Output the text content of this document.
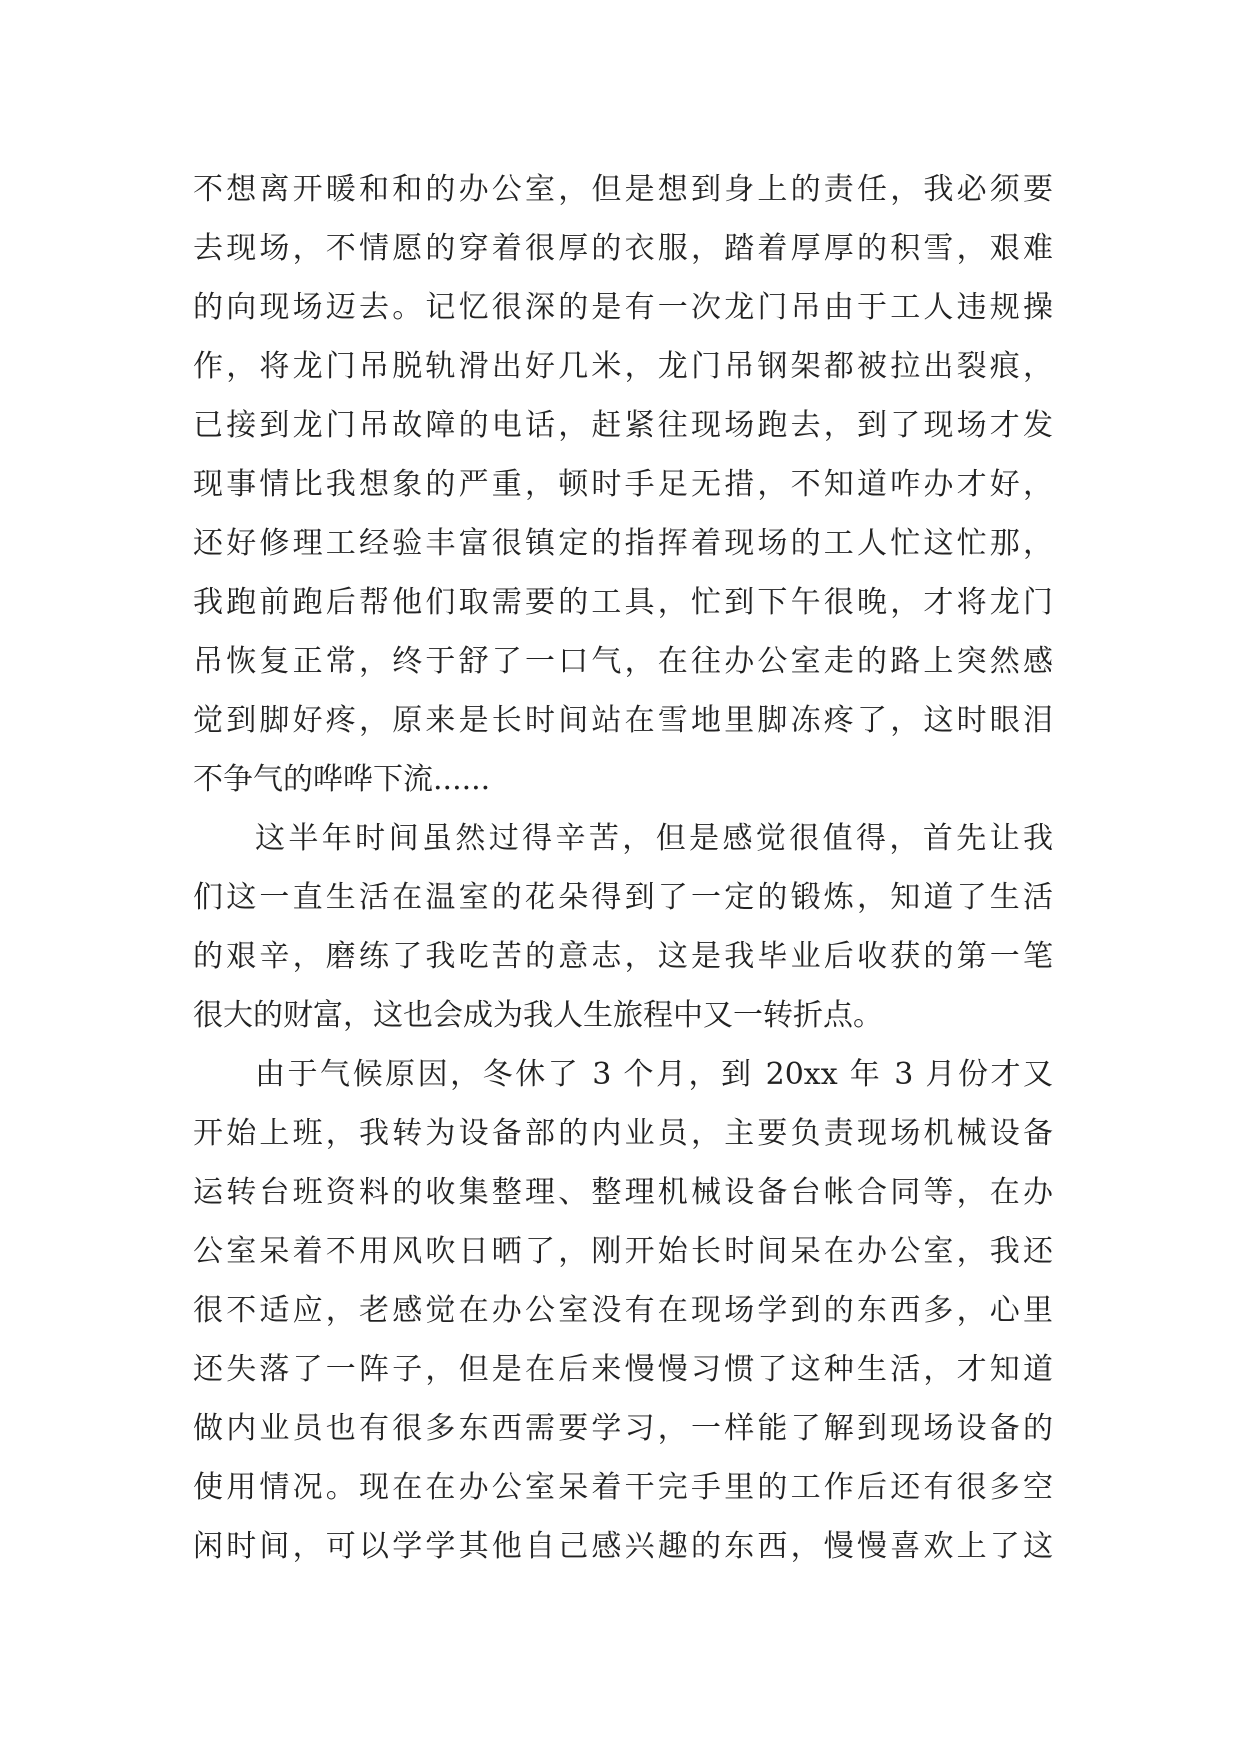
不想离开暖和和的办公室，但是想到身上的责任，我必须要
去现场，不情愿的穿着很厚的衣服，踏着厚厚的积雪，艰难
的向现场迈去。记忆很深的是有一次龙门吊由于工人违规操
作，将龙门吊脱轨滑出好几米，龙门吊钢架都被拉出裂痕，
已接到龙门吊故障的电话，赶紧往现场跑去，到了现场才发
现事情比我想象的严重，顿时手足无措，不知道咋办才好，
还好修理工经验丰富很镇定的指挥着现场的工人忙这忙那，
我跑前跑后帮他们取需要的工具，忙到下午很晚，才将龙门
吊恢复正常，终于舒了一口气，在往办公室走的路上突然感
觉到脚好疼，原来是长时间站在雪地里脚冻疼了，这时眼泪
不争气的哗哗下流......
这半年时间虽然过得辛苦，但是感觉很值得，首先让我
们这一直生活在温室的花朵得到了一定的锻炼，知道了生活
的艰辛，磨练了我吃苦的意志，这是我毕业后收获的第一笔
很大的财富，这也会成为我人生旅程中又一转折点。
由于气候原因，冬休了 3 个月，到 20xx 年 3 月份才又
开始上班，我转为设备部的内业员，主要负责现场机械设备
运转台班资料的收集整理、整理机械设备台帐合同等，在办
公室呆着不用风吹日晒了，刚开始长时间呆在办公室，我还
很不适应，老感觉在办公室没有在现场学到的东西多，心里
还失落了一阵子，但是在后来慢慢习惯了这种生活，才知道
做内业员也有很多东西需要学习，一样能了解到现场设备的
使用情况。现在在办公室呆着干完手里的工作后还有很多空
闲时间，可以学学其他自己感兴趣的东西，慢慢喜欢上了这
